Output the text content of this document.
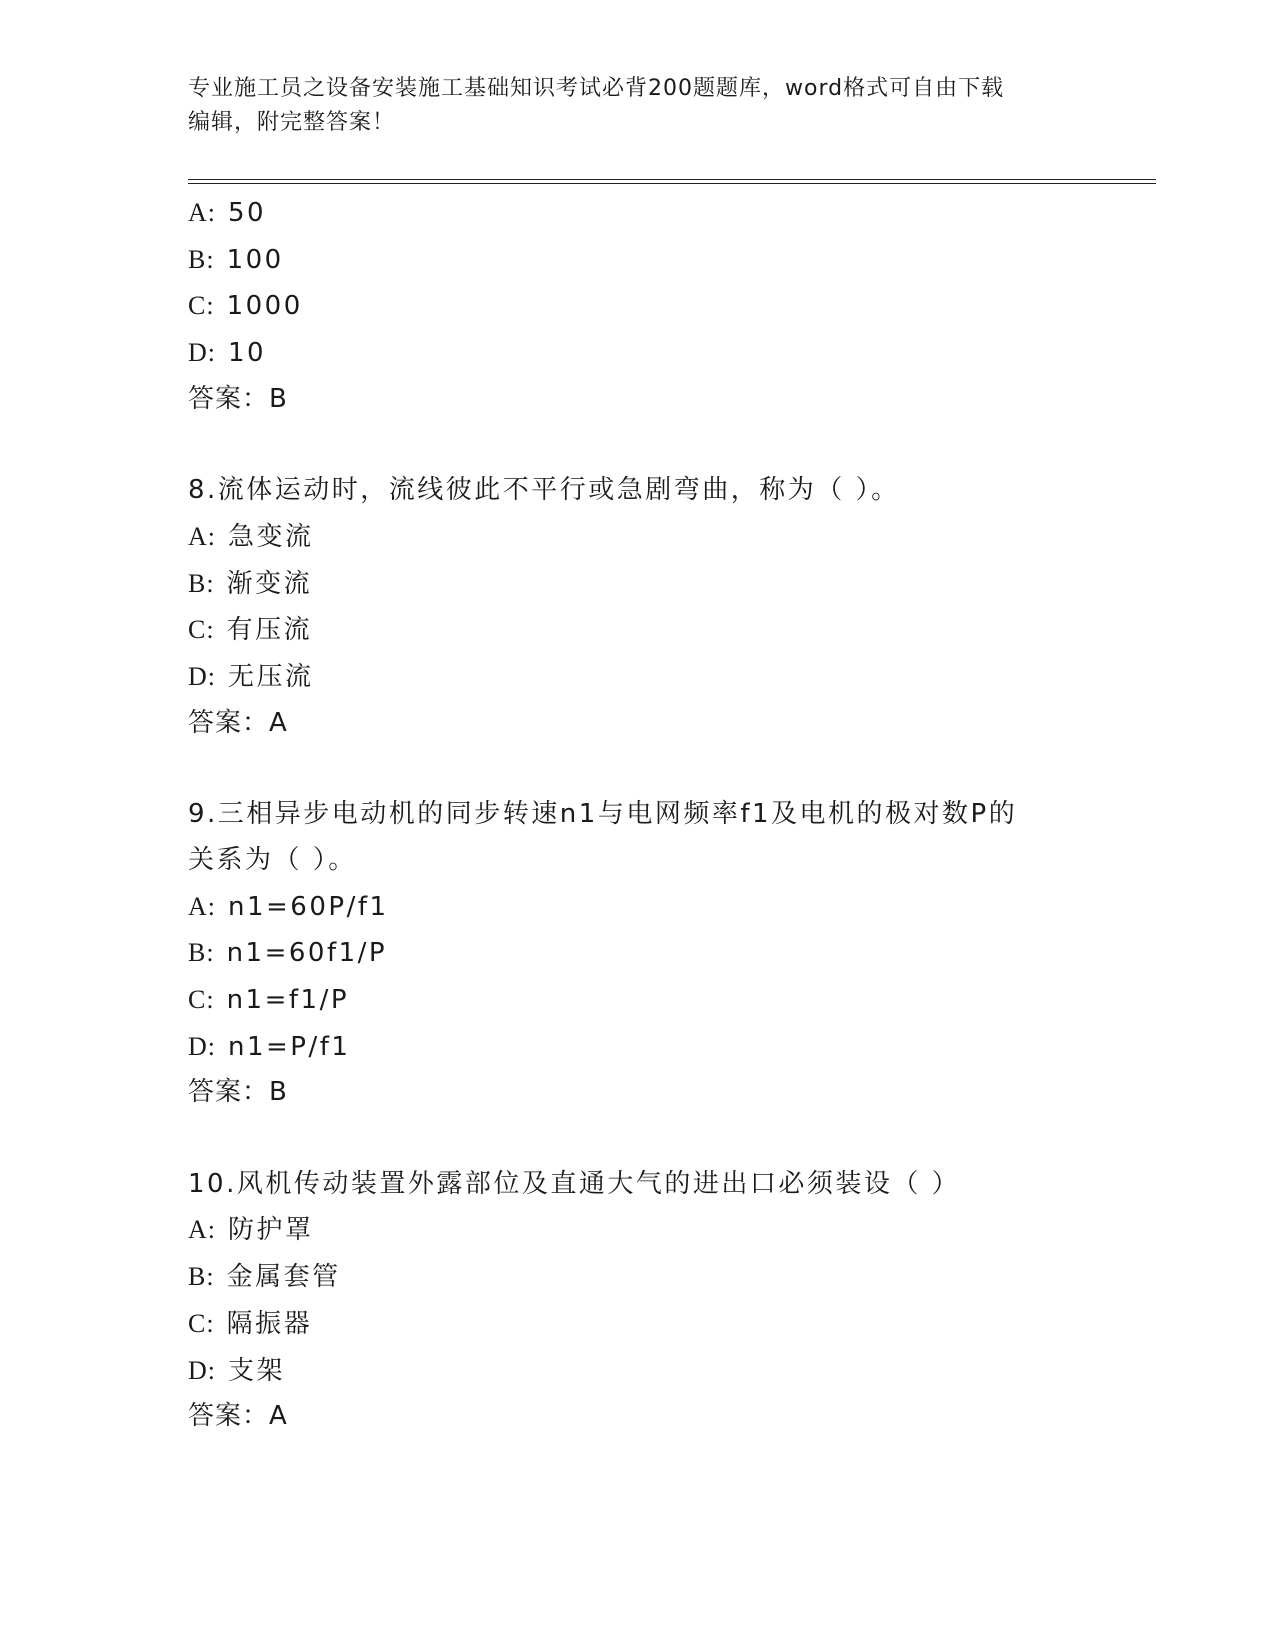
专业施工员之设备安装施工基础知识考试必背200题题库，word格式可自由下载
编辑，附完整答案！
A: 50
B: 100
C: 1000
D: 10
答案：B
8.流体运动时，流线彼此不平行或急剧弯曲，称为（ ）。
A: 急变流
B: 渐变流
C: 有压流
D: 无压流
答案：A
9.三相异步电动机的同步转速n1与电网频率f1及电机的极对数P的
关系为（ ）。
A: n1=60P/f1
B: n1=60f1/P
C: n1=f1/P
D: n1=P/f1
答案：B
10.风机传动装置外露部位及直通大气的进出口必须装设（ ）
A: 防护罩
B: 金属套管
C: 隔振器
D: 支架
答案：A
